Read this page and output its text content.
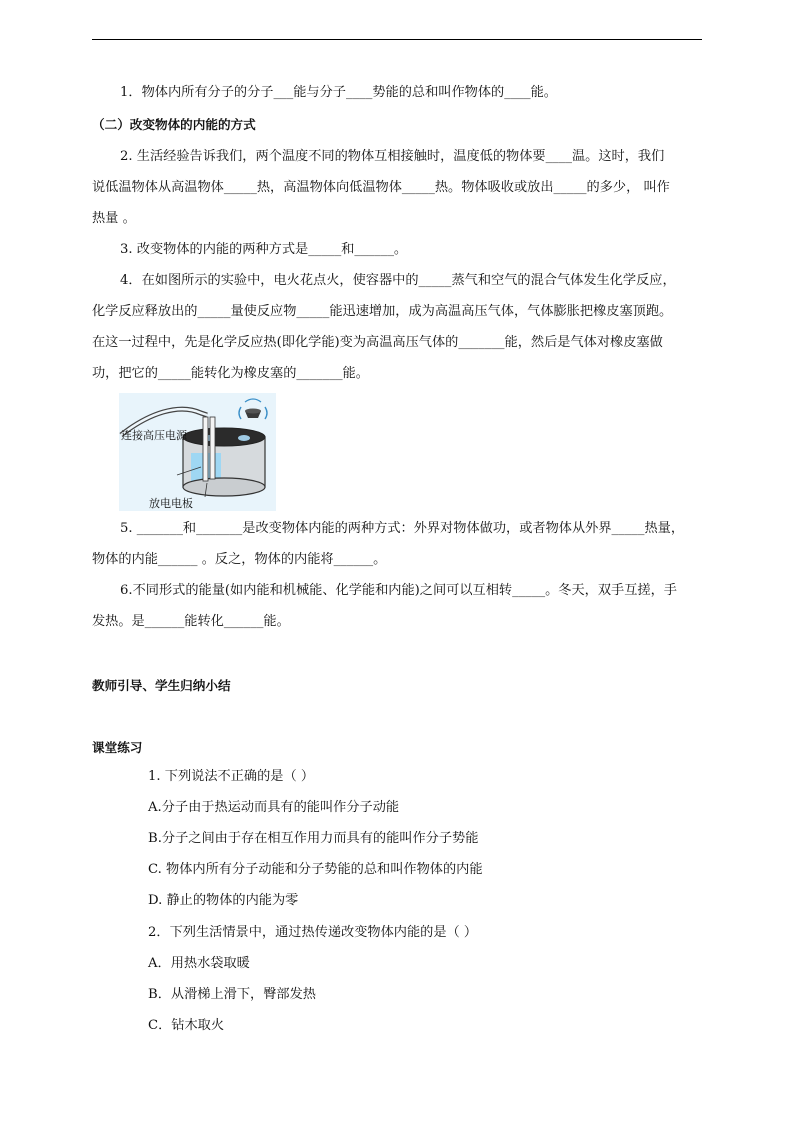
1．物体内所有分子的分子___能与分子____势能的总和叫作物体的____能。
（二）改变物体的内能的方式
2. 生活经验告诉我们，两个温度不同的物体互相接触时，温度低的物体要____温。这时，我们
说低温物体从高温物体_____热，高温物体向低温物体_____热。物体吸收或放出_____的多少， 叫作
热量 。
3. 改变物体的内能的两种方式是_____和______。
4．在如图所示的实验中，电火花点火，使容器中的_____蒸气和空气的混合气体发生化学反应，
化学反应释放出的_____量使反应物_____能迅速增加，成为高温高压气体，气体膨胀把橡皮塞顶跑。
在这一过程中，先是化学反应热(即化学能)变为高温高压气体的_______能，然后是气体对橡皮塞做
功，把它的_____能转化为橡皮塞的_______能。
连接高压电源
放电电板
5. _______和_______是改变物体内能的两种方式：外界对物体做功，或者物体从外界_____热量，
物体的内能______ 。反之，物体的内能将______。
6.不同形式的能量(如内能和机械能、化学能和内能)之间可以互相转_____。冬天，双手互搓，手
发热。是______能转化______能。
教师引导、学生归纳小结
课堂练习
1. 下列说法不正确的是（ ）
A.分子由于热运动而具有的能叫作分子动能
B.分子之间由于存在相互作用力而具有的能叫作分子势能
C. 物体内所有分子动能和分子势能的总和叫作物体的内能
D. 静止的物体的内能为零
2．下列生活情景中，通过热传递改变物体内能的是（ ）
A．用热水袋取暖
B．从滑梯上滑下，臀部发热
C．钻木取火
